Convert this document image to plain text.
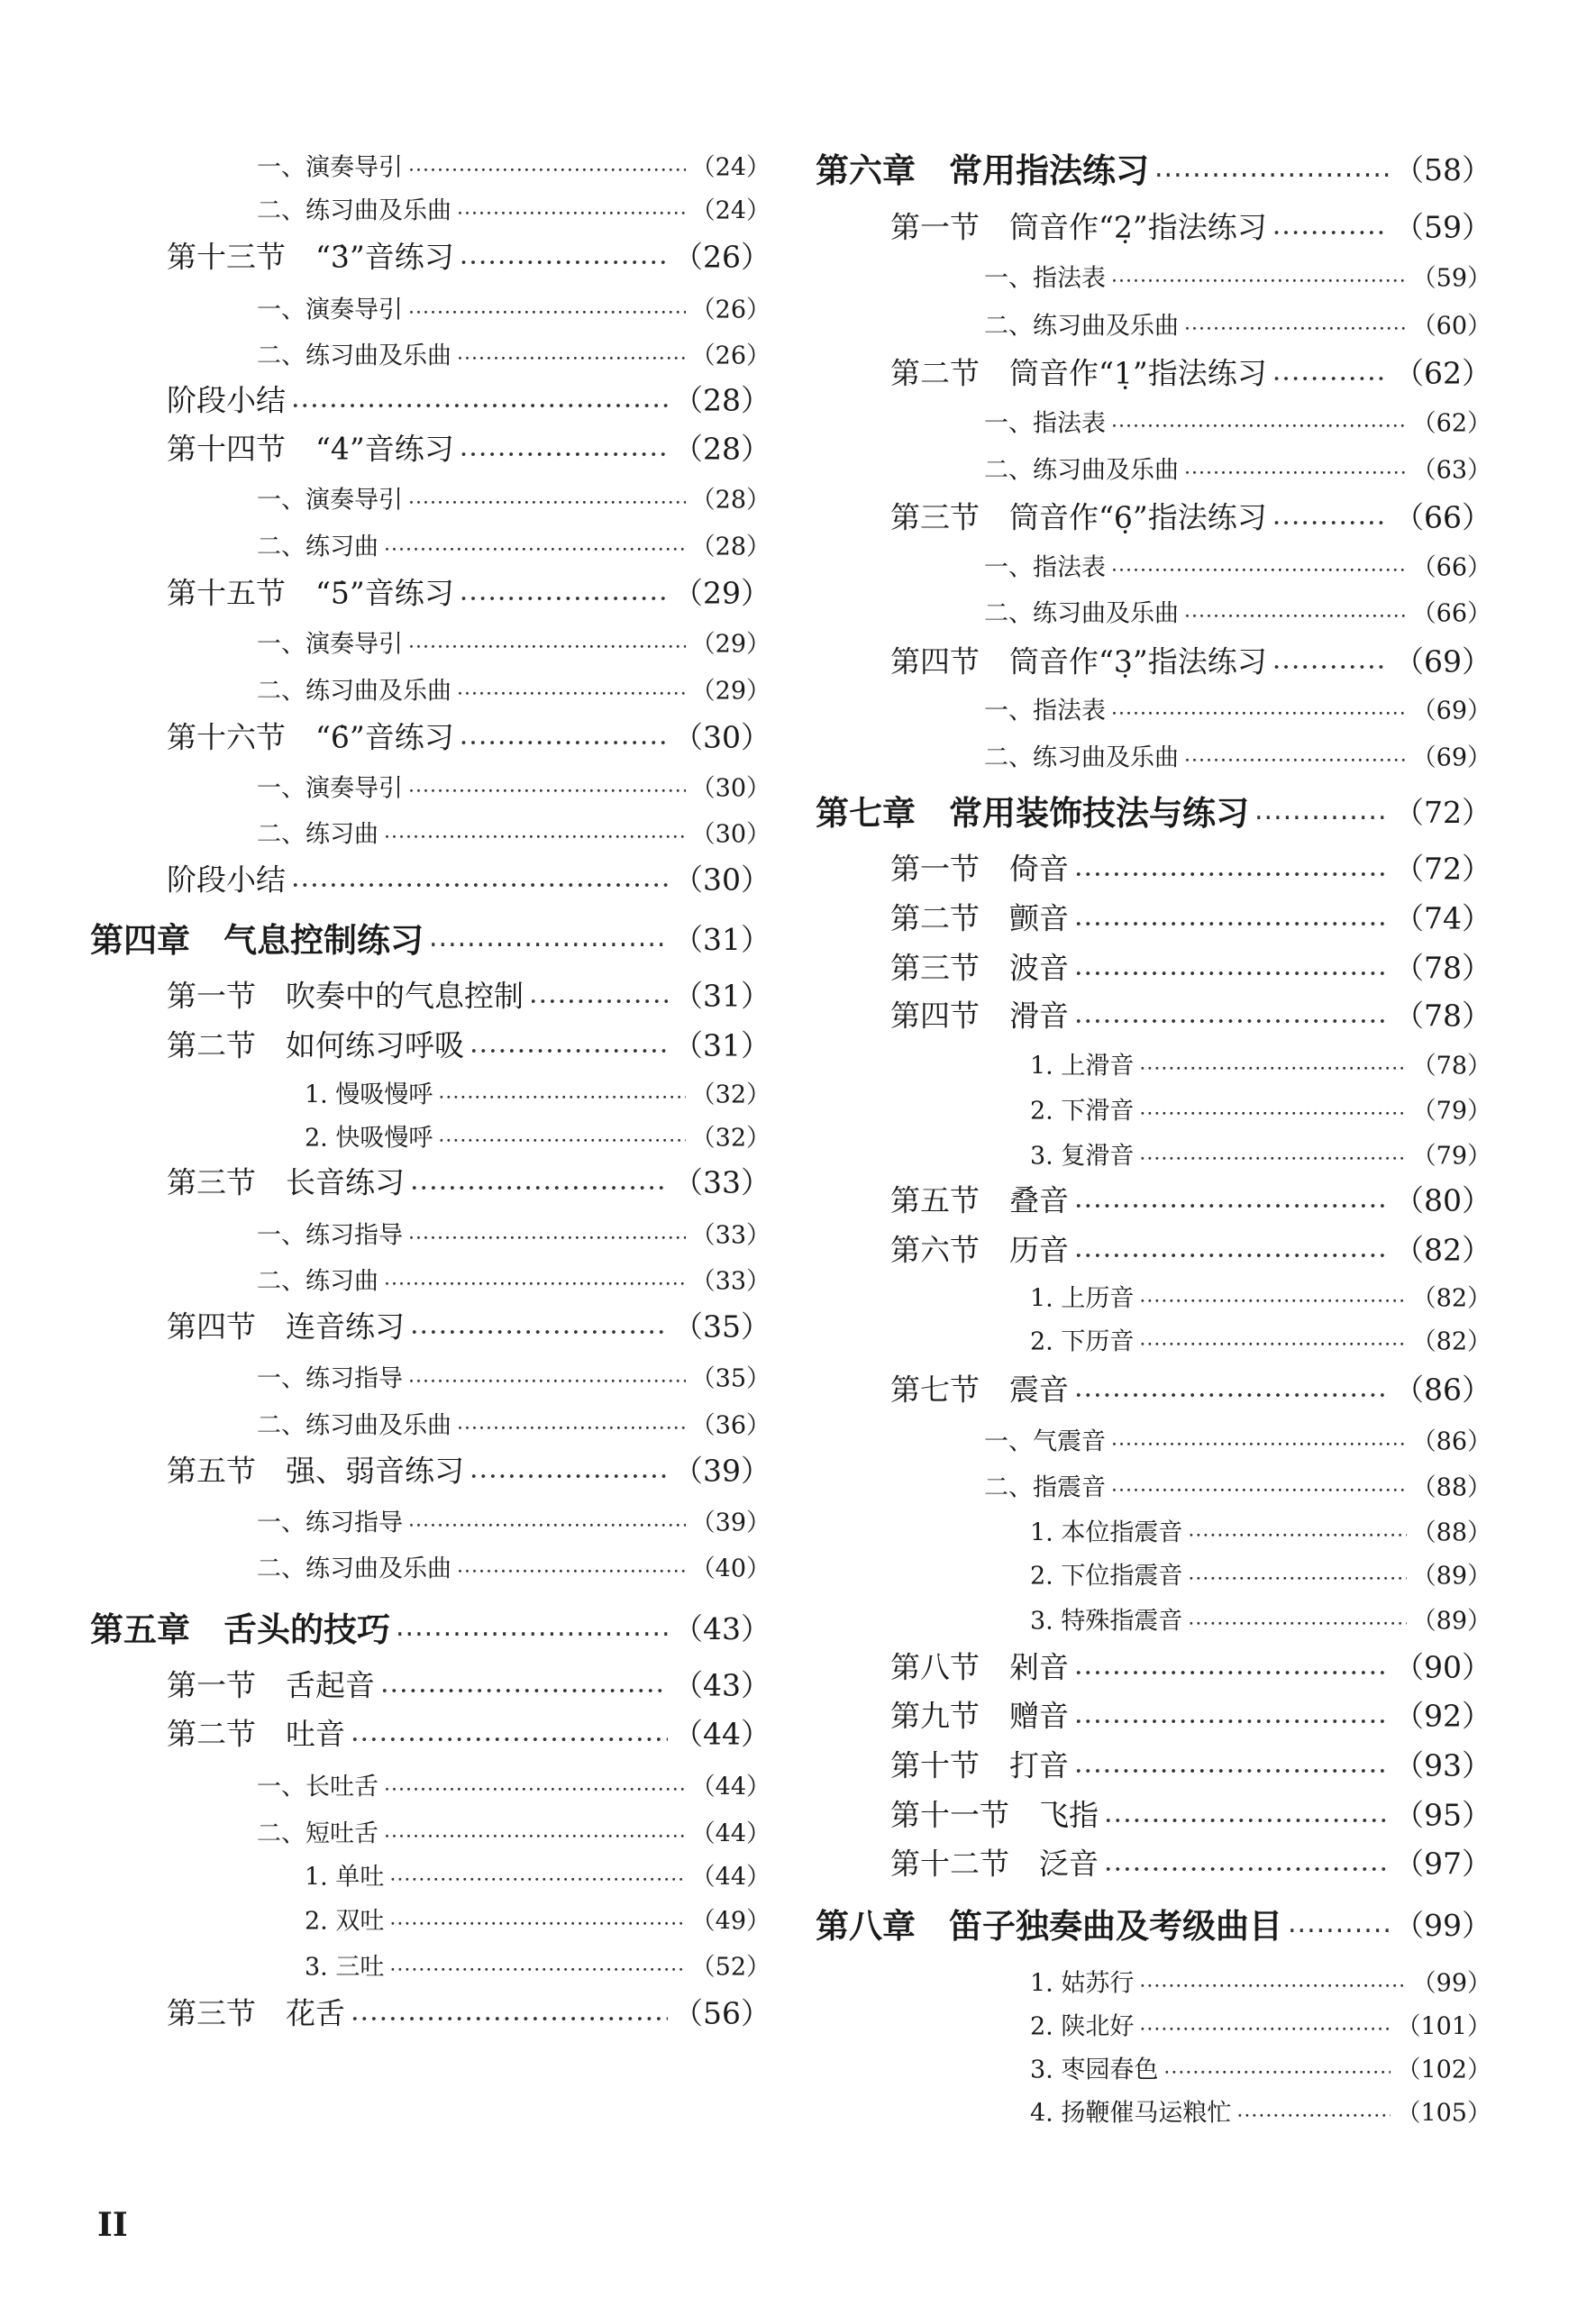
一、演奏导引 .....	（24）
二、练习曲及乐曲 .....	（24）
第十三节　“3̇”音练习 .....	（26）
一、演奏导引 .....	（26）
二、练习曲及乐曲 .....	（26）
阶段小结 .....	（28）
第十四节　“4̇”音练习 .....	（28）
一、演奏导引 .....	（28）
二、练习曲 .....	（28）
第十五节　“5̇”音练习 .....	（29）
一、演奏导引 .....	（29）
二、练习曲及乐曲 .....	（29）
第十六节　“6̇”音练习 .....	（30）
一、演奏导引 .....	（30）
二、练习曲 .....	（30）
阶段小结 .....	（30）
第四章　气息控制练习 .....	（31）
第一节　吹奏中的气息控制 .....	（31）
第二节　如何练习呼吸 .....	（31）
1. 慢吸慢呼 .....	（32）
2. 快吸慢呼 .....	（32）
第三节　长音练习 .....	（33）
一、练习指导 .....	（33）
二、练习曲 .....	（33）
第四节　连音练习 .....	（35）
一、练习指导 .....	（35）
二、练习曲及乐曲 .....	（36）
第五节　强、弱音练习 .....	（39）
一、练习指导 .....	（39）
二、练习曲及乐曲 .....	（40）
第五章　舌头的技巧 .....	（43）
第一节　舌起音 .....	（43）
第二节　吐音 .....	（44）
一、长吐舌 .....	（44）
二、短吐舌 .....	（44）
1. 单吐 .....	（44）
2. 双吐 .....	（49）
3. 三吐 .....	（52）
第三节　花舌 .....	（56）
第六章　常用指法练习 .....	（58）
第一节　筒音作“2̣”指法练习 .....	（59）
一、指法表 .....	（59）
二、练习曲及乐曲 .....	（60）
第二节　筒音作“1̣”指法练习 .....	（62）
一、指法表 .....	（62）
二、练习曲及乐曲 .....	（63）
第三节　筒音作“6̣”指法练习 .....	（66）
一、指法表 .....	（66）
二、练习曲及乐曲 .....	（66）
第四节　筒音作“3̣”指法练习 .....	（69）
一、指法表 .....	（69）
二、练习曲及乐曲 .....	（69）
第七章　常用装饰技法与练习 .....	（72）
第一节　倚音 .....	（72）
第二节　颤音 .....	（74）
第三节　波音 .....	（78）
第四节　滑音 .....	（78）
1. 上滑音 .....	（78）
2. 下滑音 .....	（79）
3. 复滑音 .....	（79）
第五节　叠音 .....	（80）
第六节　历音 .....	（82）
1. 上历音 .....	（82）
2. 下历音 .....	（82）
第七节　震音 .....	（86）
一、气震音 .....	（86）
二、指震音 .....	（88）
1. 本位指震音 .....	（88）
2. 下位指震音 .....	（89）
3. 特殊指震音 .....	（89）
第八节　剁音 .....	（90）
第九节　赠音 .....	（92）
第十节　打音 .....	（93）
第十一节　飞指 .....	（95）
第十二节　泛音 .....	（97）
第八章　笛子独奏曲及考级曲目 .....	（99）
1. 姑苏行 .....	（99）
2. 陕北好 .....	（101）
3. 枣园春色 .....	（102）
4. 扬鞭催马运粮忙 .....	（105）
II
